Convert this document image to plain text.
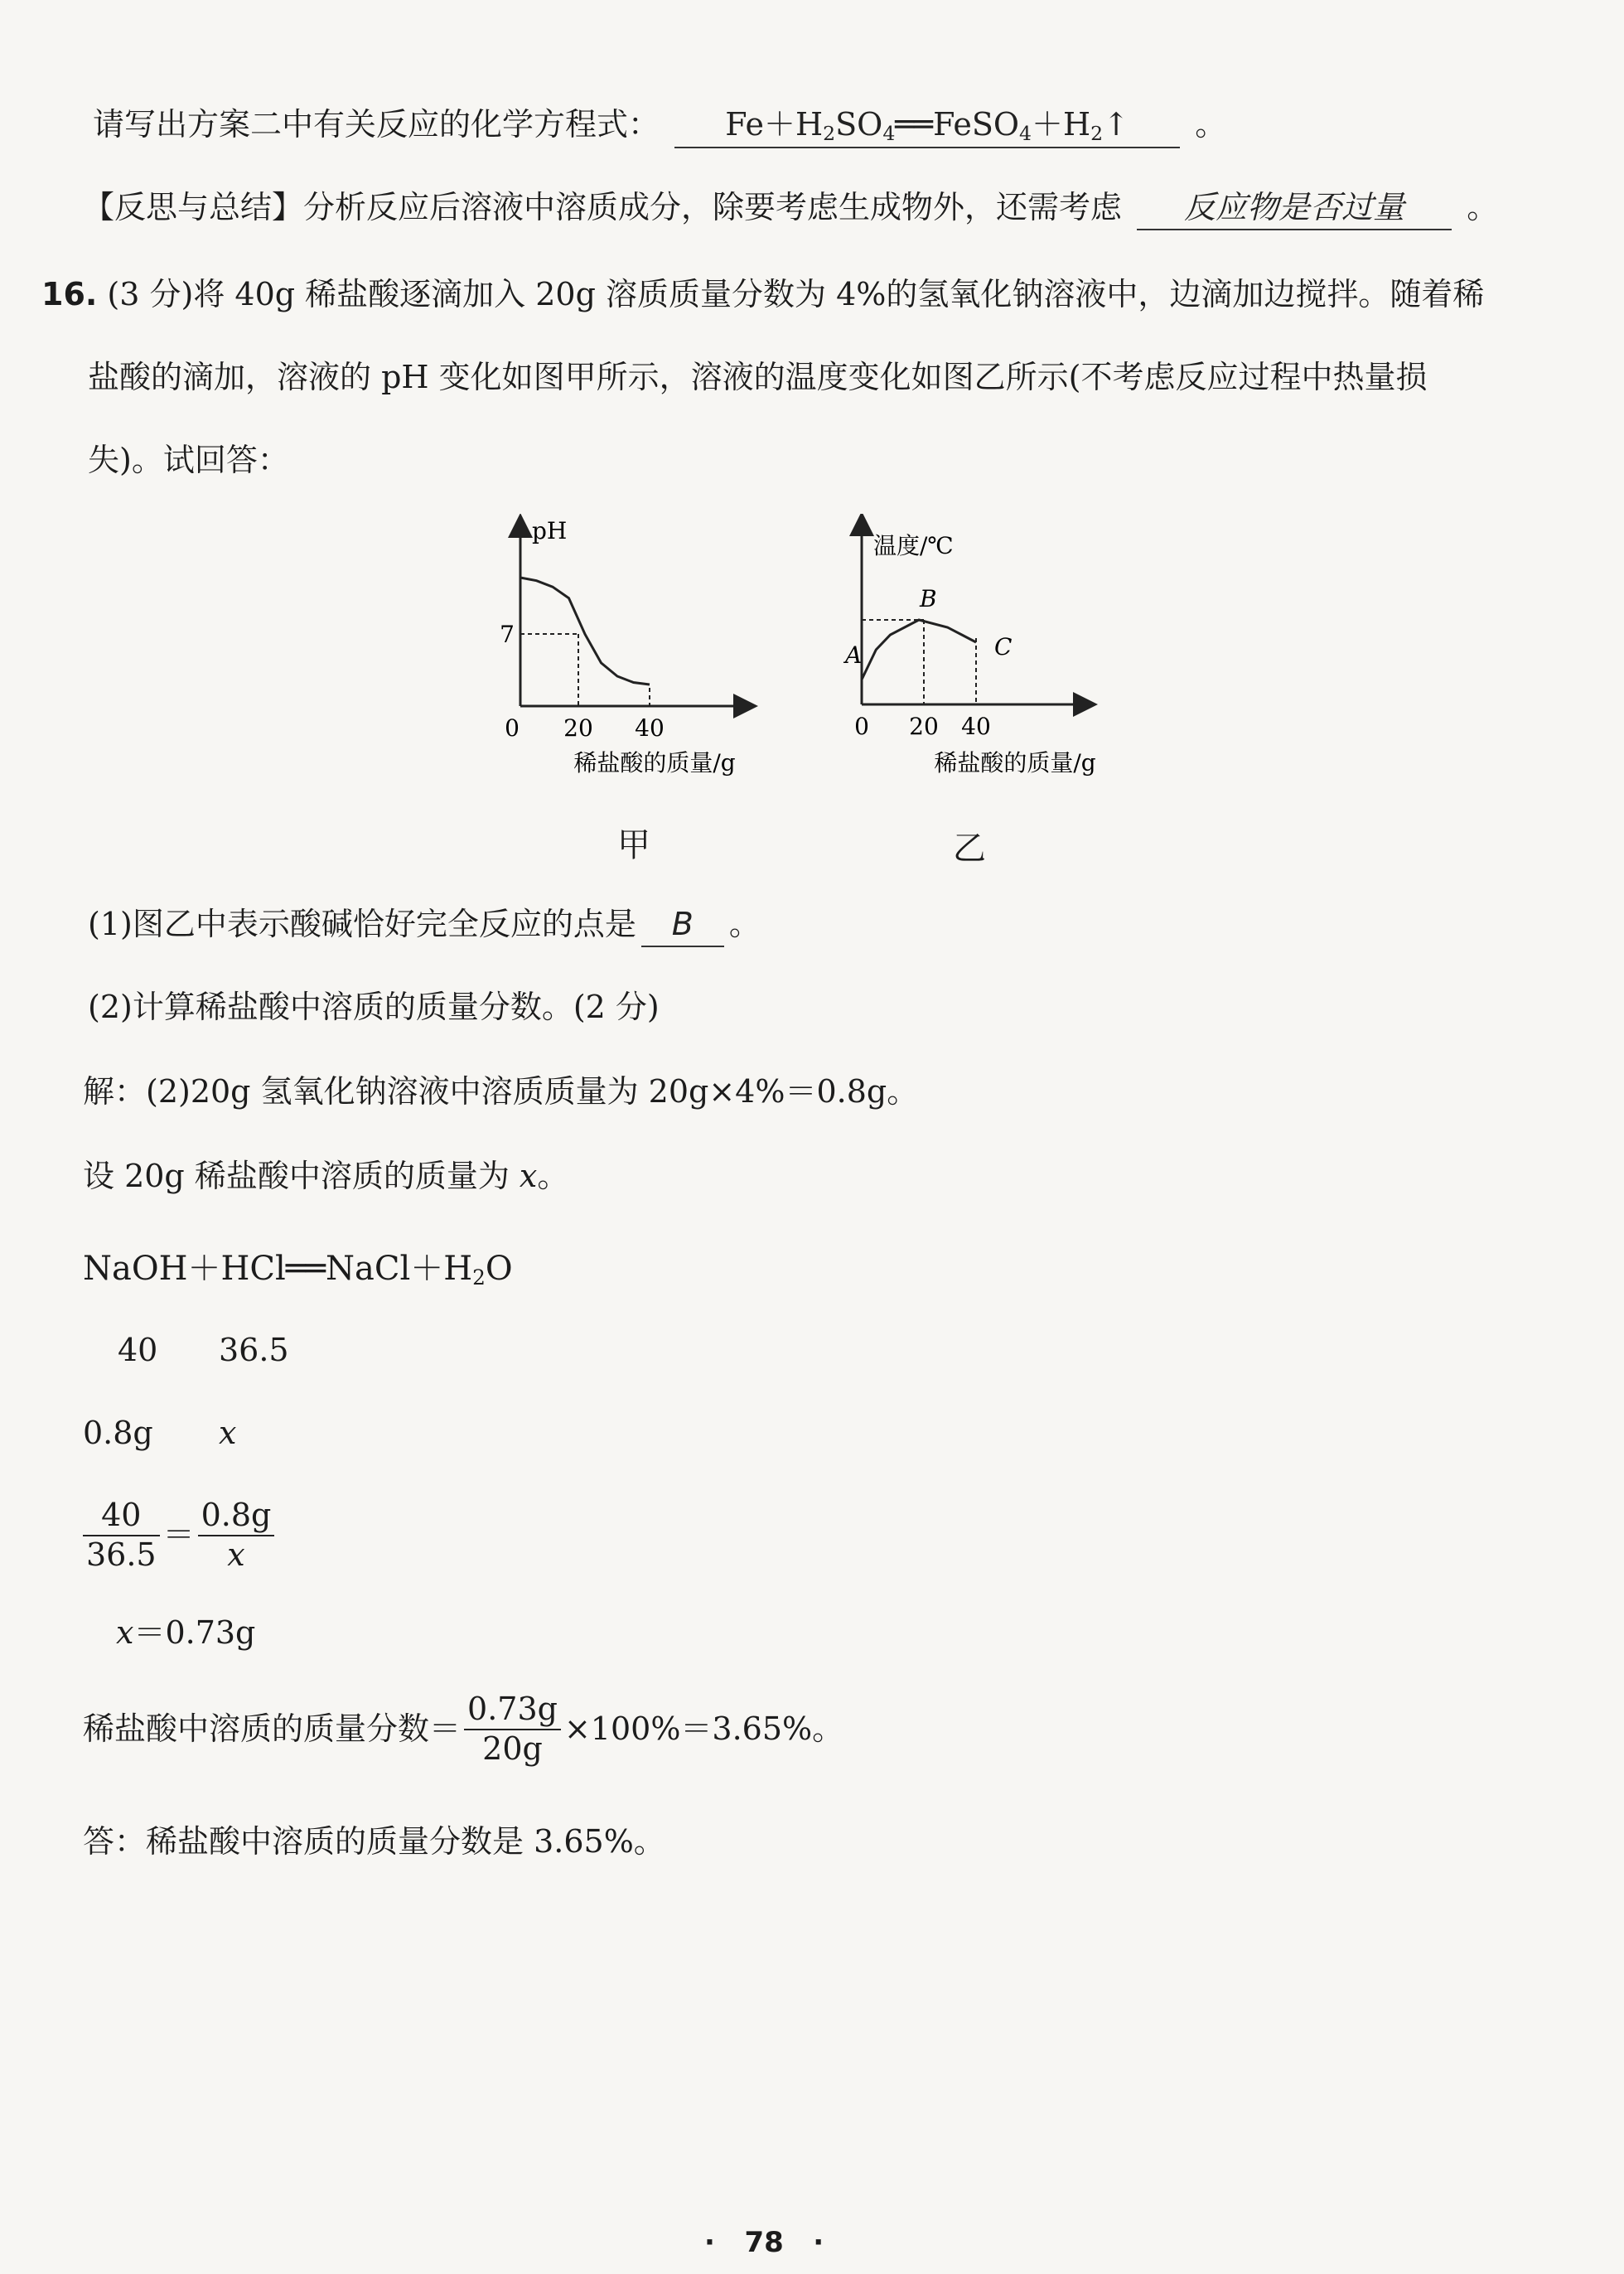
请写出方案二中有关反应的化学方程式： $Fe+H_2SO_4══FeSO_4+H_2↑$ 。
【反思与总结】分析反应后溶液中溶质成分，除要考虑生成物外，还需考虑 反应物是否过量 。
16. (3 分)将 40g 稀盐酸逐滴加入 20g 溶质质量分数为 4%的氢氧化钠溶液中，边滴加边搅拌。随着稀
盐酸的滴加，溶液的 pH 变化如图甲所示，溶液的温度变化如图乙所示(不考虑反应过程中热量损
失)。试回答：
pH
0 20 40
7
稀盐酸的质量/g
甲
温度/℃
0 20 40
A
B
C
稀盐酸的质量/g
乙
(1)图乙中表示酸碱恰好完全反应的点是 B 。
(2)计算稀盐酸中溶质的质量分数。(2 分)
解：(2)20g 氢氧化钠溶液中溶质质量为 20g×4%＝0.8g。
设 20g 稀盐酸中溶质的质量为 x。
$NaOH+HCl══NaCl+H_2O$
40 36.5
0.8g x
$\frac{40}{36.5} = \frac{0.8g}{x}$
x＝0.73g
稀盐酸中溶质的质量分数＝ $\frac{0.73g}{20g} \times 100\%=3.65\%$。
答：稀盐酸中溶质的质量分数是 3.65%。
· 78 ·
